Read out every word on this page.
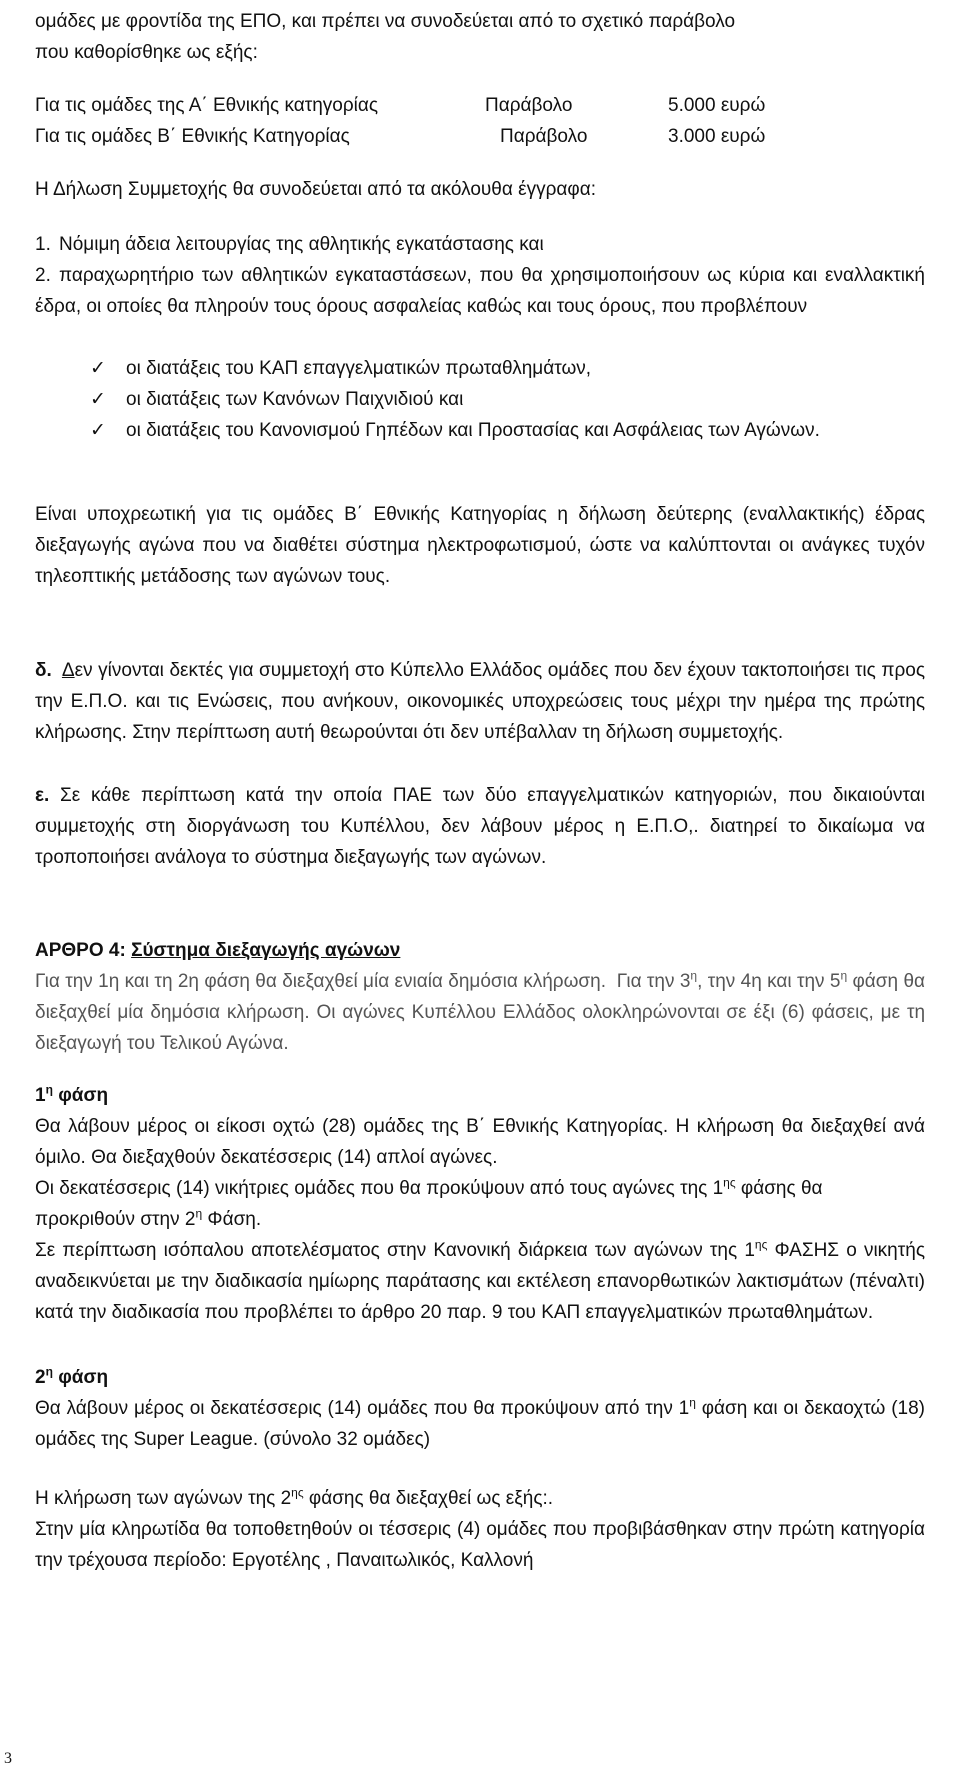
ομάδες με φροντίδα της ΕΠΟ, και πρέπει να συνοδεύεται από το σχετικό παράβολο
που καθορίσθηκε ως εξής:
Για τις ομάδες της Α΄ Εθνικής κατηγορίας	Παράβολο	5.000 ευρώ
Για τις ομάδες Β΄ Εθνικής Κατηγορίας	Παράβολο	3.000 ευρώ
Η Δήλωση Συμμετοχής θα συνοδεύεται από τα ακόλουθα έγγραφα:
1. Νόμιμη άδεια λειτουργίας της αθλητικής εγκατάστασης και
2. παραχωρητήριο των αθλητικών εγκαταστάσεων, που θα χρησιμοποιήσουν ως κύρια και εναλλακτική έδρα, οι οποίες θα πληρούν τους όρους ασφαλείας καθώς και τους όρους, που προβλέπουν

✓ οι διατάξεις του ΚΑΠ επαγγελματικών πρωταθλημάτων,

✓ οι διατάξεις των Κανόνων Παιχνιδιού και

✓ οι διατάξεις του Κανονισμού Γηπέδων και Προστασίας και Ασφάλειας των Αγώνων.

Είναι υποχρεωτική για τις ομάδες Β΄ Εθνικής Κατηγορίας η δήλωση δεύτερης (εναλλακτικής) έδρας διεξαγωγής αγώνα που να διαθέτει σύστημα ηλεκτροφωτισμού, ώστε να καλύπτονται οι ανάγκες τυχόν τηλεοπτικής μετάδοσης των αγώνων τους.

δ. Δεν γίνονται δεκτές για συμμετοχή στο Κύπελλο Ελλάδος ομάδες που δεν έχουν τακτοποιήσει τις προς την Ε.Π.Ο. και τις Ενώσεις, που ανήκουν, οικονομικές υποχρεώσεις τους μέχρι την ημέρα της πρώτης κλήρωσης. Στην περίπτωση αυτή θεωρούνται ότι δεν υπέβαλλαν τη δήλωση συμμετοχής.

ε. Σε κάθε περίπτωση κατά την οποία ΠΑΕ των δύο επαγγελματικών κατηγοριών, που δικαιούνται συμμετοχής στη διοργάνωση του Κυπέλλου, δεν λάβουν μέρος η Ε.Π.Ο,. διατηρεί το δικαίωμα να τροποποιήσει ανάλογα το σύστημα διεξαγωγής των αγώνων.

ΑΡΘΡΟ 4: Σύστημα διεξαγωγής αγώνων

Για την 1η και τη 2η φάση θα διεξαχθεί μία ενιαία δημόσια κλήρωση. Για την $3^\eta$, την 4η και την $5^\eta$ φάση θα διεξαχθεί μία δημόσια κλήρωση. Οι αγώνες Κυπέλλου Ελλάδος ολοκληρώνονται σε έξι (6) φάσεις, με τη διεξαγωγή του Τελικού Αγώνα.

$1^\eta$ φάση

Θα λάβουν μέρος οι είκοσι οχτώ (28) ομάδες της Β΄ Εθνικής Κατηγορίας. Η κλήρωση θα διεξαχθεί ανά όμιλο. Θα διεξαχθούν δεκατέσσερις (14) απλοί αγώνες.

Οι δεκατέσσερις (14) νικήτριες ομάδες που θα προκύψουν από τους αγώνες της $1^{\eta\varsigma}$ φάσης θα προκριθούν στην $2^\eta$ Φάση.

Σε περίπτωση ισόπαλου αποτελέσματος στην Κανονική διάρκεια των αγώνων της $1^{\eta\varsigma}$ ΦΑΣΗΣ ο νικητής αναδεικνύεται με την διαδικασία ημίωρης παράτασης και εκτέλεση επανορθωτικών λακτισμάτων (πέναλτι) κατά την διαδικασία που προβλέπει το άρθρο 20 παρ. 9 του ΚΑΠ επαγγελματικών πρωταθλημάτων.

$2^\eta$ φάση

Θα λάβουν μέρος οι δεκατέσσερις (14) ομάδες που θα προκύψουν από την $1^\eta$ φάση και οι δεκαοχτώ (18) ομάδες της Super League. (σύνολο 32 ομάδες)

Η κλήρωση των αγώνων της $2^{\eta\varsigma}$ φάσης θα διεξαχθεί ως εξής:.

Στην μία κληρωτίδα θα τοποθετηθούν οι τέσσερις (4) ομάδες που προβιβάσθηκαν στην πρώτη κατηγορία την τρέχουσα περίοδο: Εργοτέλης , Παναιτωλικός, Καλλονή

3
